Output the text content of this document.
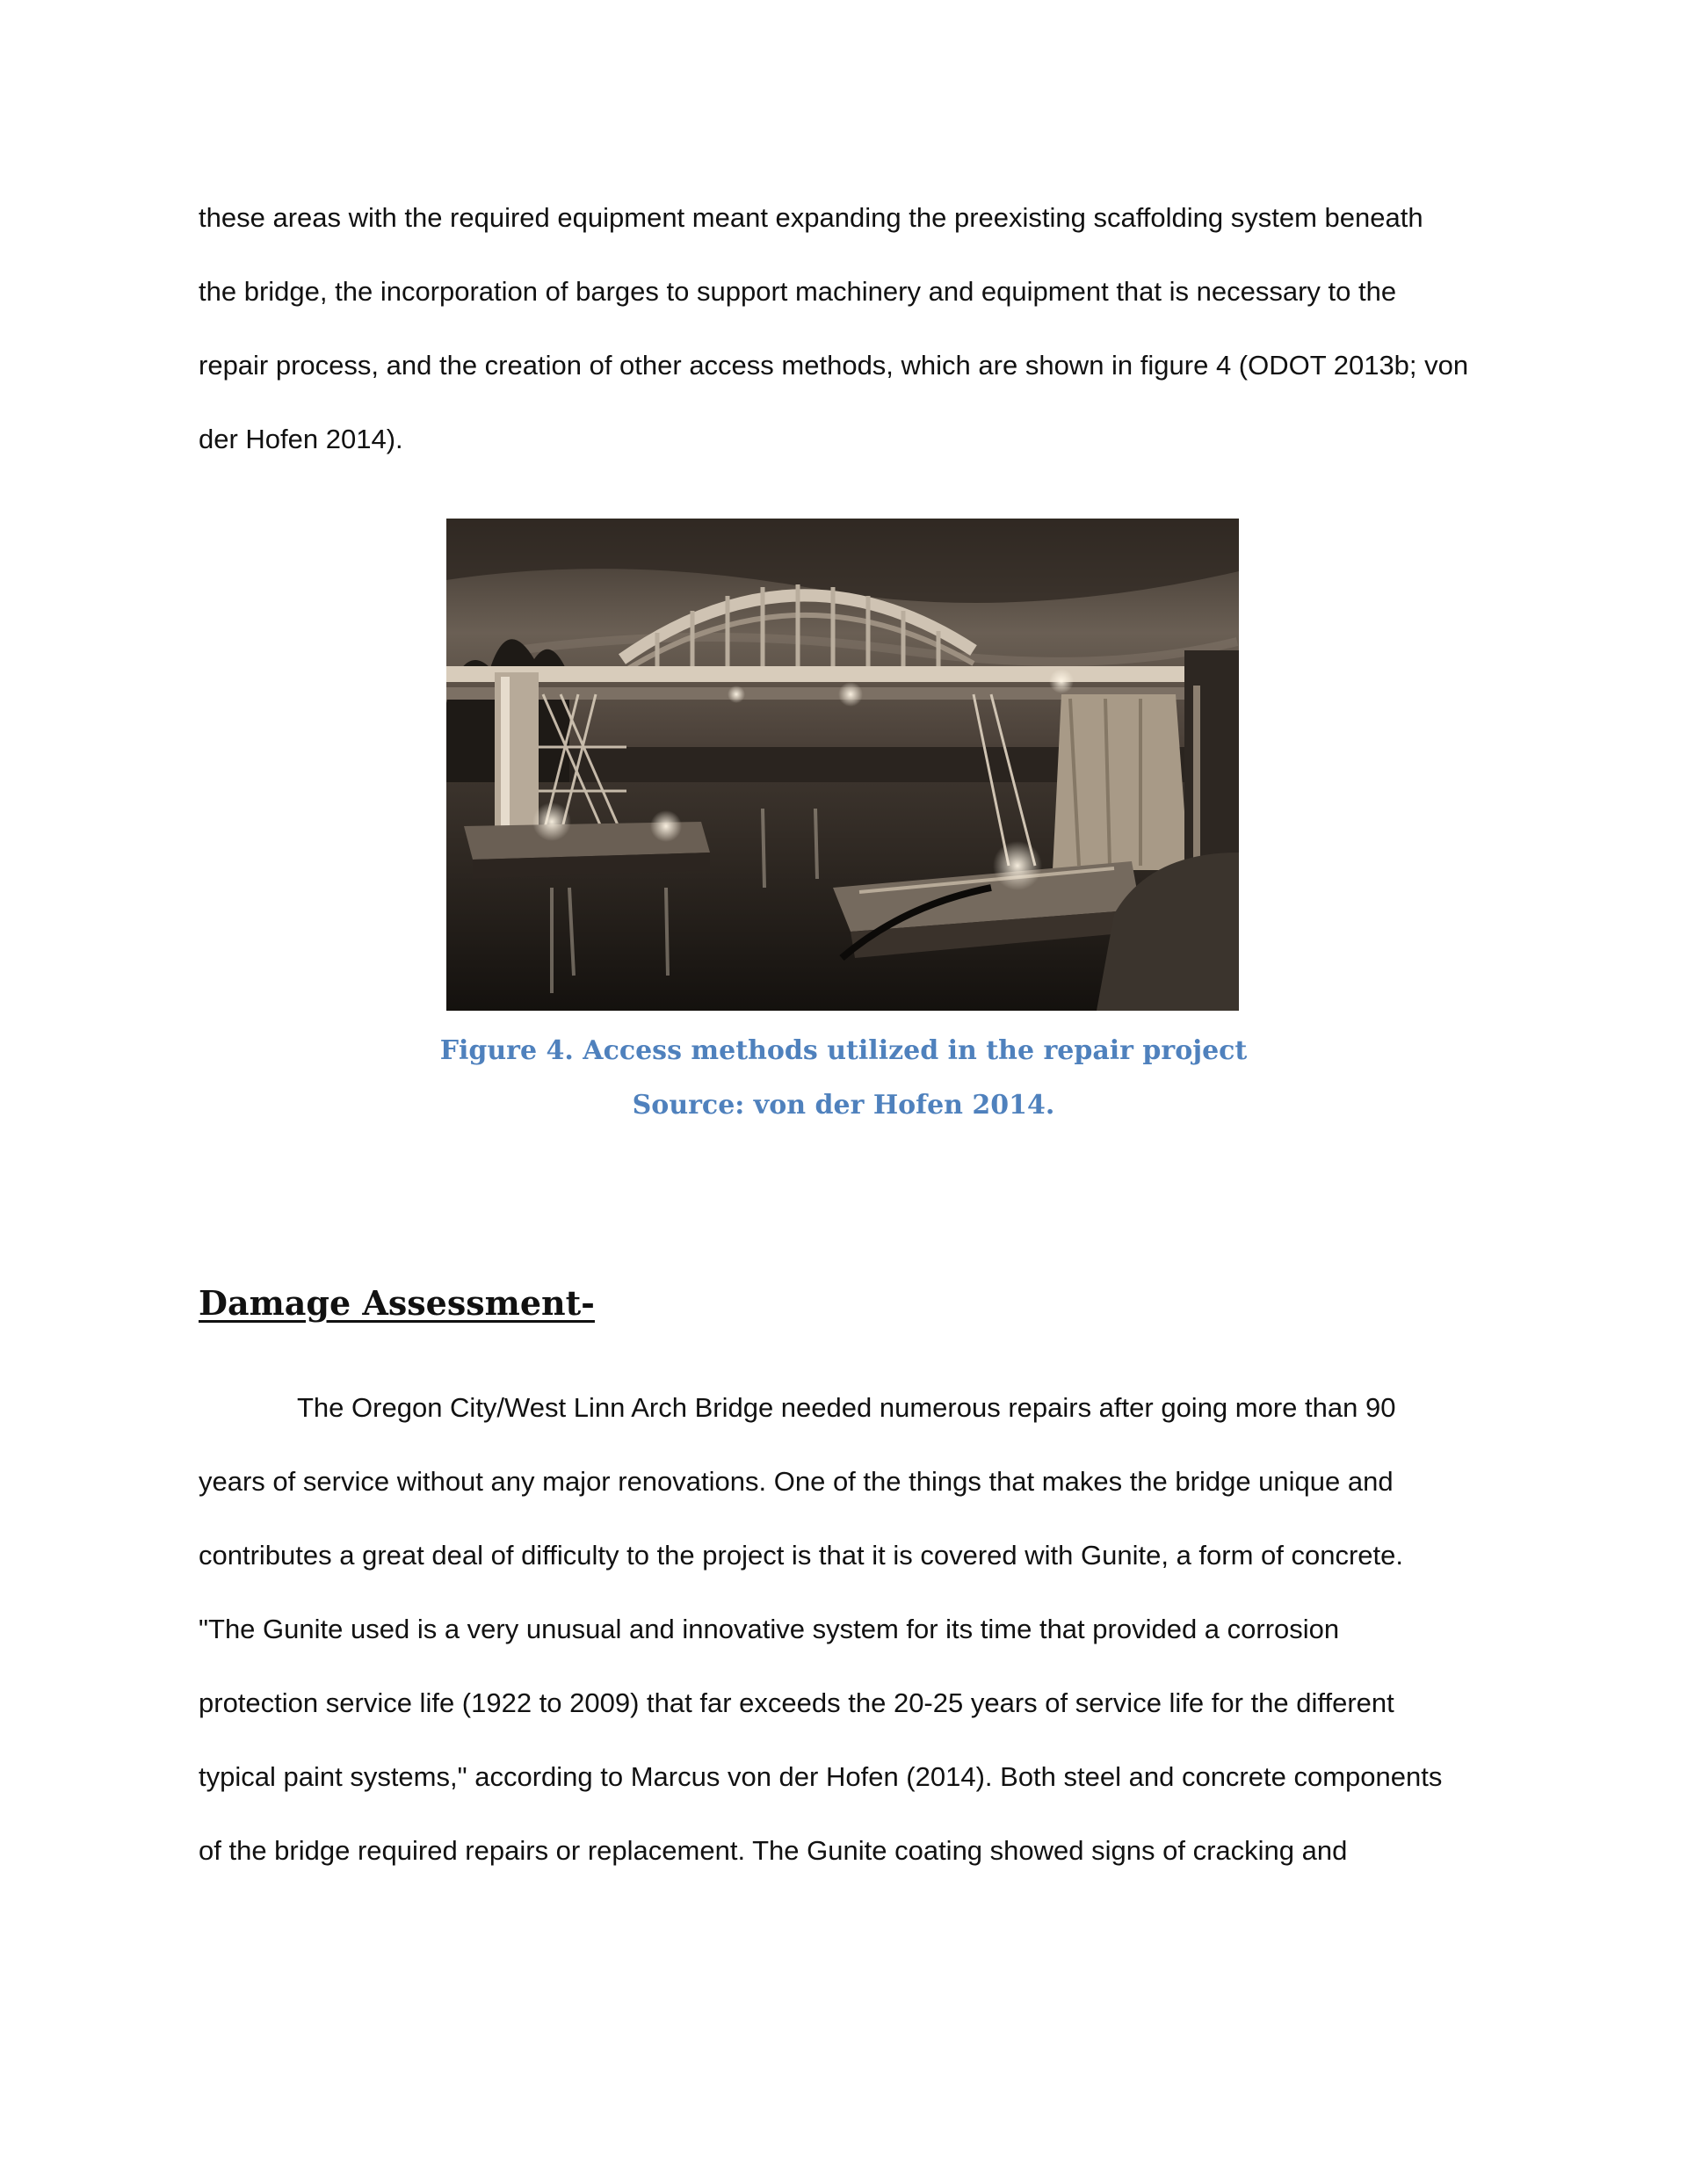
these areas with the required equipment meant expanding the preexisting scaffolding system beneath

the bridge, the incorporation of barges to support machinery and equipment that is necessary to the

repair process, and the creation of other access methods, which are shown in figure 4 (ODOT 2013b; von

der Hofen 2014).

Figure 4. Access methods utilized in the repair project

Source: von der Hofen 2014.

Damage Assessment-

The Oregon City/West Linn Arch Bridge needed numerous repairs after going more than 90

years of service without any major renovations. One of the things that makes the bridge unique and

contributes a great deal of difficulty to the project is that it is covered with Gunite, a form of concrete.

"The Gunite used is a very unusual and innovative system for its time that provided a corrosion

protection service life (1922 to 2009) that far exceeds the 20-25 years of service life for the different

typical paint systems," according to Marcus von der Hofen (2014). Both steel and concrete components

of the bridge required repairs or replacement. The Gunite coating showed signs of cracking and
